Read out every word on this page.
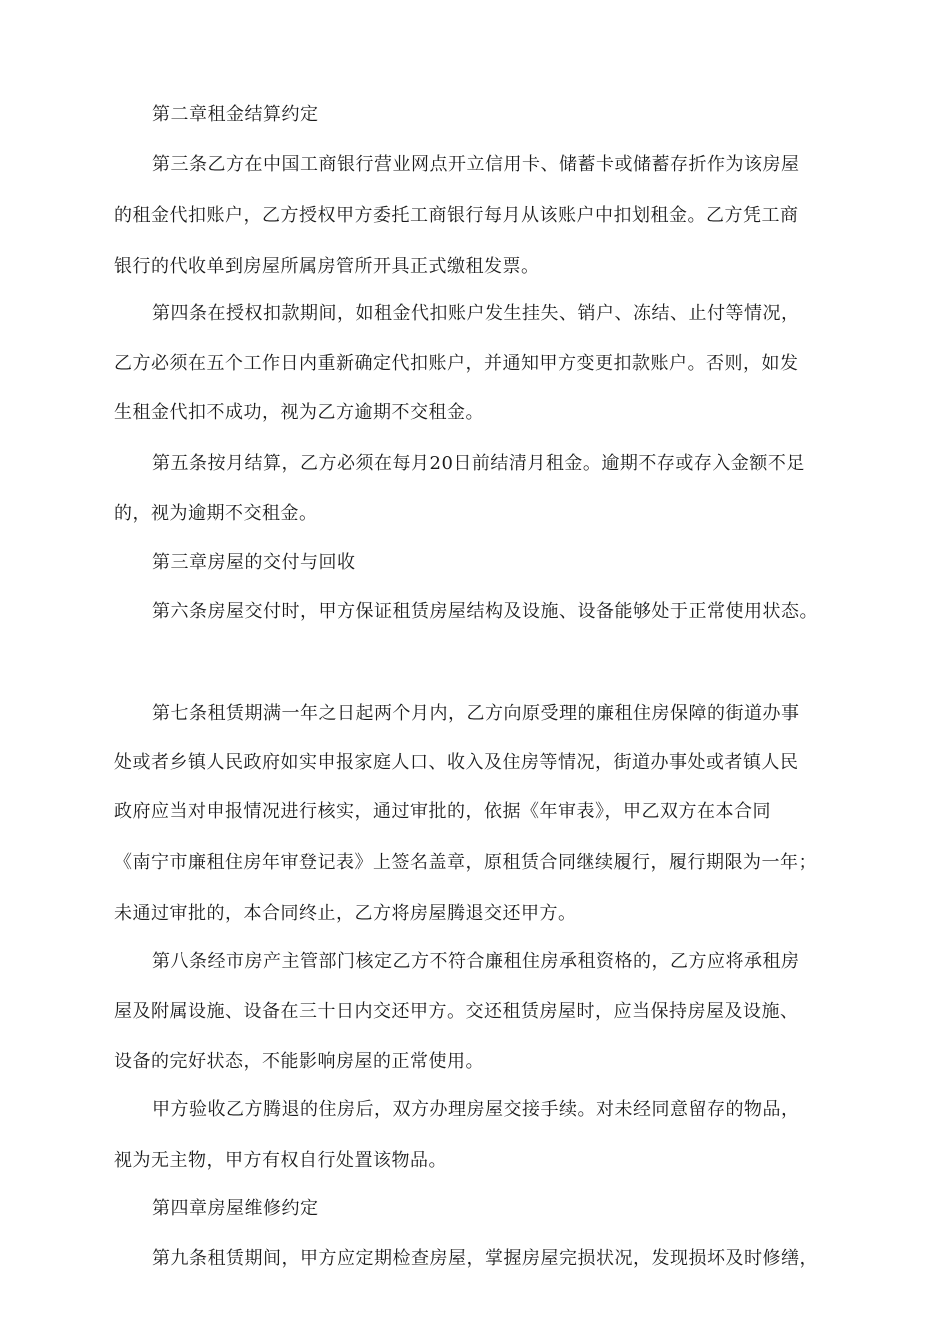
第二章租金结算约定
第三条乙方在中国工商银行营业网点开立信用卡、储蓄卡或储蓄存折作为该房屋
的租金代扣账户，乙方授权甲方委托工商银行每月从该账户中扣划租金。乙方凭工商
银行的代收单到房屋所属房管所开具正式缴租发票。
第四条在授权扣款期间，如租金代扣账户发生挂失、销户、冻结、止付等情况，
乙方必须在五个工作日内重新确定代扣账户，并通知甲方变更扣款账户。否则，如发
生租金代扣不成功，视为乙方逾期不交租金。
第五条按月结算，乙方必须在每月20日前结清月租金。逾期不存或存入金额不足
的，视为逾期不交租金。
第三章房屋的交付与回收
第六条房屋交付时，甲方保证租赁房屋结构及设施、设备能够处于正常使用状态。
第七条租赁期满一年之日起两个月内，乙方向原受理的廉租住房保障的街道办事
处或者乡镇人民政府如实申报家庭人口、收入及住房等情况，街道办事处或者镇人民
政府应当对申报情况进行核实，通过审批的，依据《年审表》，甲乙双方在本合同
《南宁市廉租住房年审登记表》上签名盖章，原租赁合同继续履行，履行期限为一年；
未通过审批的，本合同终止，乙方将房屋腾退交还甲方。
第八条经市房产主管部门核定乙方不符合廉租住房承租资格的，乙方应将承租房
屋及附属设施、设备在三十日内交还甲方。交还租赁房屋时，应当保持房屋及设施、
设备的完好状态，不能影响房屋的正常使用。
甲方验收乙方腾退的住房后，双方办理房屋交接手续。对未经同意留存的物品，
视为无主物，甲方有权自行处置该物品。
第四章房屋维修约定
第九条租赁期间，甲方应定期检查房屋，掌握房屋完损状况，发现损坏及时修缮，
